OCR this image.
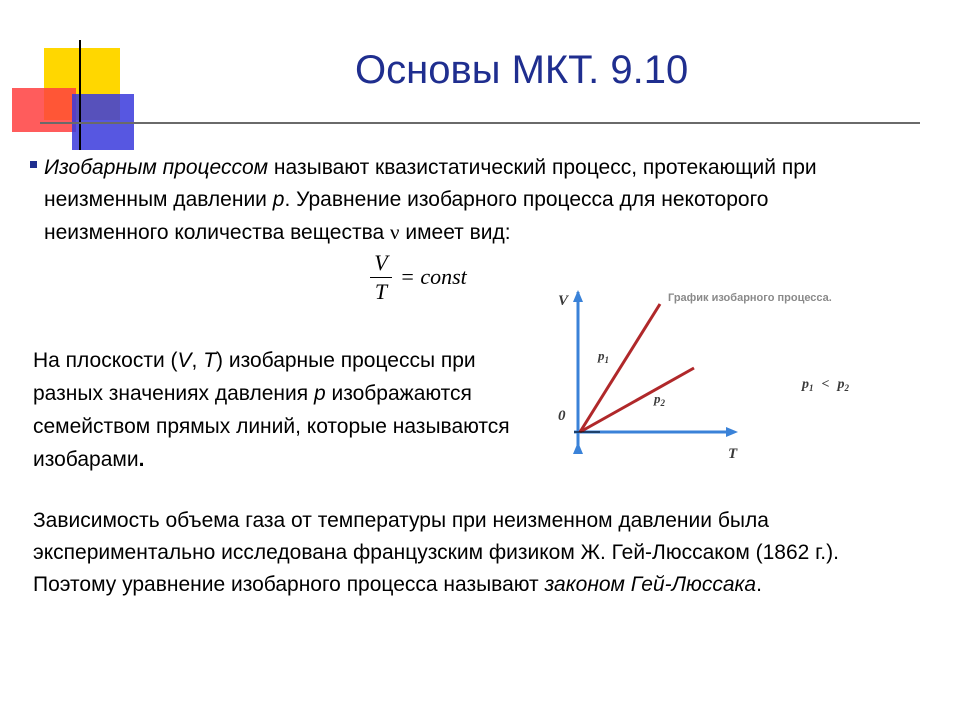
Основы МКТ. 9.10
Изобарным процессом называют квазистатический процесс, протекающий при неизменным давлении p. Уравнение изобарного процесса для некоторого неизменного количества вещества ν имеет вид:
V
T
= const
На плоскости (V, T) изобарные процессы при разных значениях давления p изображаются семейством прямых линий, которые называются изобарами.
Зависимость объема газа от температуры при неизменном давлении была экспериментально исследована французским физиком Ж. Гей-Люссаком (1862 г.). Поэтому уравнение изобарного процесса называют законом Гей-Люссака.
График изобарного процесса.
V
T
0
$p_1$
$p_2$
$p_1 < p_2$
